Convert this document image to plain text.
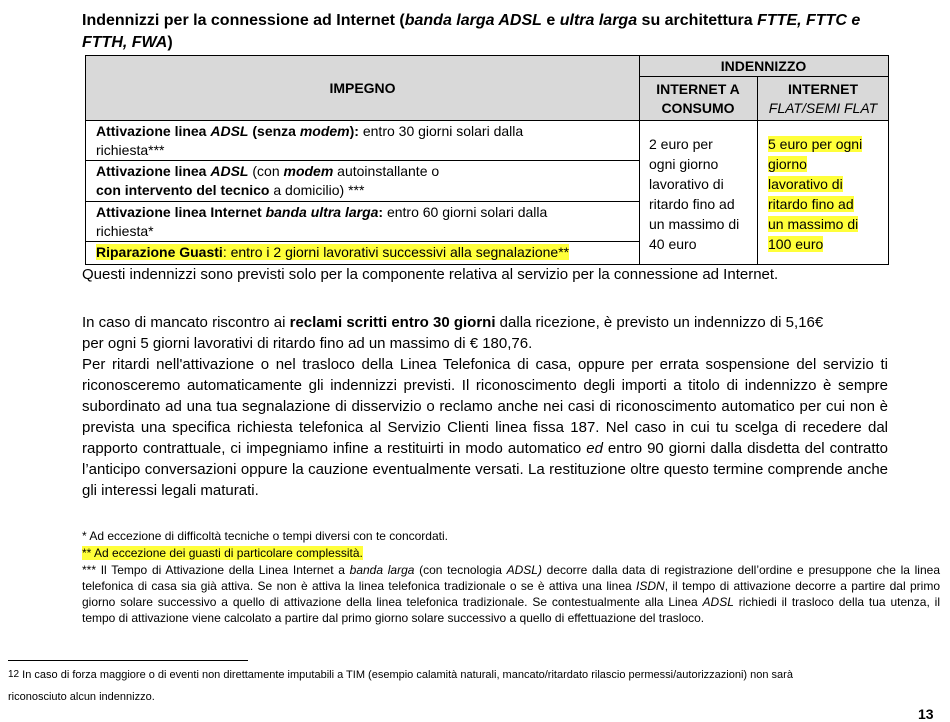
Indennizzi per la connessione ad Internet (banda larga ADSL e ultra larga su architettura FTTE, FTTC e FTTH, FWA)
IMPEGNO
INDENNIZZO
INTERNET A
CONSUMO
INTERNET
FLAT/SEMI FLAT
Attivazione linea ADSL (senza modem): entro 30 giorni solari dalla
richiesta***
Attivazione linea ADSL (con modem autoinstallante o
con intervento del tecnico a domicilio) ***
Attivazione linea Internet banda ultra larga: entro 60 giorni solari dalla
richiesta*
Riparazione Guasti: entro i 2 giorni lavorativi successivi alla segnalazione**
2 euro per
ogni giorno
lavorativo di
ritardo fino ad
un massimo di
40 euro
5 euro per ogni
giorno
lavorativo di
ritardo fino ad
un massimo di
100 euro
Questi indennizzi sono previsti solo per la componente relativa al servizio per la connessione ad Internet.
In caso di mancato riscontro ai reclami scritti entro 30 giorni dalla ricezione, è previsto un indennizzo di 5,16€
per ogni 5 giorni lavorativi di ritardo fino ad un massimo di € 180,76.
Per ritardi nell'attivazione o nel trasloco della Linea Telefonica di casa, oppure per errata sospensione del servizio ti riconosceremo automaticamente gli indennizzi previsti. Il riconoscimento degli importi a titolo di indennizzo è sempre subordinato ad una tua segnalazione di disservizio o reclamo anche nei casi di riconoscimento automatico per cui non è prevista una specifica richiesta telefonica al Servizio Clienti linea fissa 187. Nel caso in cui tu scelga di recedere dal rapporto contrattuale, ci impegniamo infine a restituirti in modo automatico ed entro 90 giorni dalla disdetta del contratto l’anticipo conversazioni oppure la cauzione eventualmente versati. La restituzione oltre questo termine comprende anche gli interessi legali maturati.
* Ad eccezione di difficoltà tecniche o tempi diversi con te concordati.
** Ad eccezione dei guasti di particolare complessità.
*** Il Tempo di Attivazione della Linea Internet a banda larga (con tecnologia ADSL) decorre dalla data di registrazione dell’ordine e presuppone che la linea telefonica di casa sia già attiva. Se non è attiva la linea telefonica tradizionale o se è attiva una linea ISDN, il tempo di attivazione decorre a partire dal primo giorno solare successivo a quello di attivazione della linea telefonica tradizionale. Se contestualmente alla Linea ADSL richiedi il trasloco della tua utenza, il tempo di attivazione viene calcolato a partire dal primo giorno solare successivo a quello di effettuazione del trasloco.
$^{12}$ In caso di forza maggiore o di eventi non direttamente imputabili a TIM (esempio calamità naturali, mancato/ritardato rilascio permessi/autorizzazioni) non sarà
riconosciuto alcun indennizzo.
13
